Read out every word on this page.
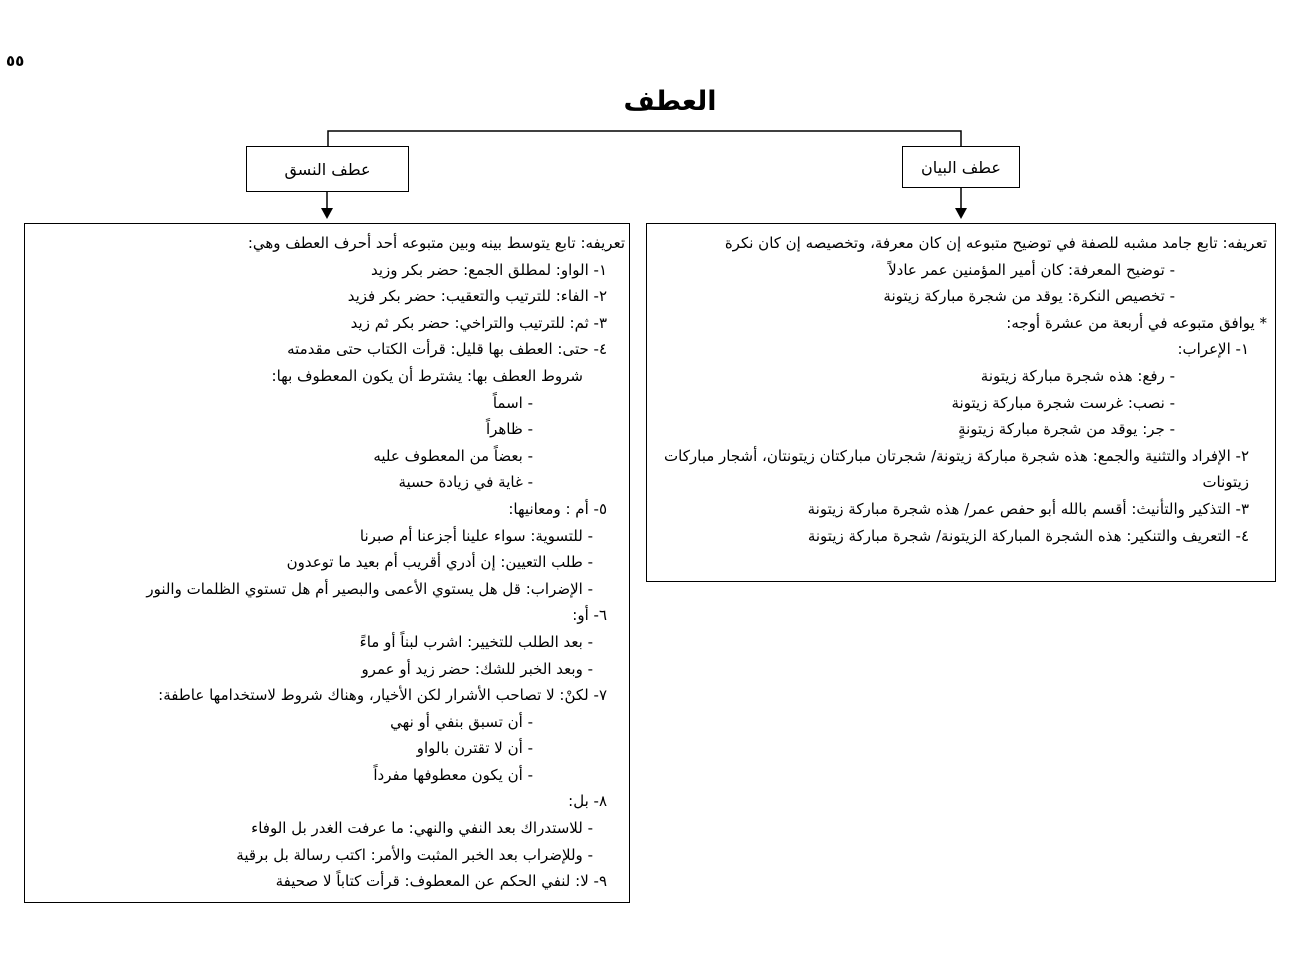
٥٥
العطف
عطف البيان
عطف النسق
تعريفه: تابع جامد مشبه للصفة في توضيح متبوعه إن كان معرفة، وتخصيصه إن كان نكرة
- توضيح المعرفة: كان أمير المؤمنين عمر عادلاً
- تخصيص النكرة: يوقد من شجرة مباركة زيتونة
* يوافق متبوعه في أربعة من عشرة أوجه:
١- الإعراب:
- رفع: هذه شجرة مباركة زيتونة
- نصب: غرست شجرة مباركة زيتونة
- جر: يوقد من شجرة مباركة زيتونةٍ
٢- الإفراد والتثنية والجمع: هذه شجرة مباركة زيتونة/ شجرتان مباركتان زيتونتان، أشجار مباركات زيتونات
٣- التذكير والتأنيث: أقسم بالله أبو حفص عمر/ هذه شجرة مباركة زيتونة
٤- التعريف والتنكير: هذه الشجرة المباركة الزيتونة/ شجرة مباركة زيتونة
تعريفه: تابع يتوسط بينه وبين متبوعه أحد أحرف العطف وهي:
١- الواو: لمطلق الجمع: حضر بكر وزيد
٢- الفاء: للترتيب والتعقيب: حضر بكر فزيد
٣- ثم: للترتيب والتراخي: حضر بكر ثم زيد
٤- حتى: العطف بها قليل: قرأت الكتاب حتى مقدمته
شروط العطف بها: يشترط أن يكون المعطوف بها:
- اسماً
- ظاهراً
- بعضاً من المعطوف عليه
- غاية في زيادة حسية
٥- أم : ومعانيها:
- للتسوية: سواء علينا أجزعنا أم صبرنا
- طلب التعيين: إن أدري أقريب أم بعيد ما توعدون
- الإضراب: قل هل يستوي الأعمى والبصير أم هل تستوي الظلمات والنور
٦- أو:
- بعد الطلب للتخيير: اشرب لبناً أو ماءً
- وبعد الخبر للشك: حضر زيد أو عمرو
٧- لكنْ: لا تصاحب الأشرار لكن الأخيار، وهناك شروط لاستخدامها عاطفة:
- أن تسبق بنفي أو نهي
- أن لا تقترن بالواو
- أن يكون معطوفها مفرداً
٨- بل:
- للاستدراك بعد النفي والنهي: ما عرفت الغدر بل الوفاء
- وللإضراب بعد الخبر المثبت والأمر: اكتب رسالة بل برقية
٩- لا: لنفي الحكم عن المعطوف: قرأت كتاباً لا صحيفة
